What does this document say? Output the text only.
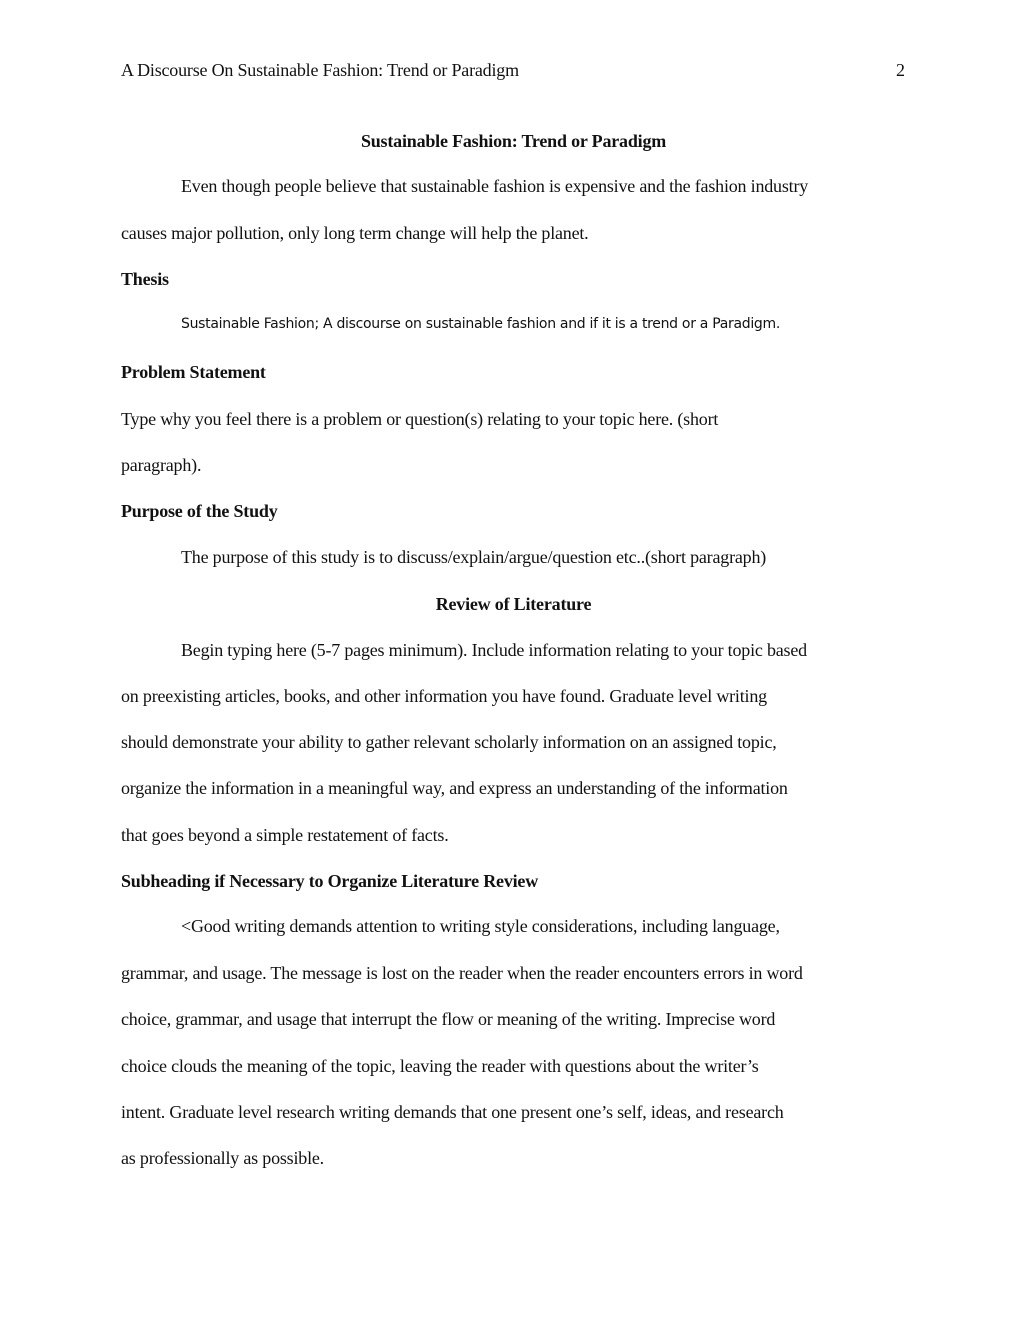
A Discourse On Sustainable Fashion: Trend or Paradigm	2
Sustainable Fashion: Trend or Paradigm
Even though people believe that sustainable fashion is expensive and the fashion industry
causes major pollution, only long term change will help the planet.
Thesis
Sustainable Fashion; A discourse on sustainable fashion and if it is a trend or a Paradigm.
Problem Statement
Type why you feel there is a problem or question(s) relating to your topic here. (short
paragraph).
Purpose of the Study
The purpose of this study is to discuss/explain/argue/question etc..(short paragraph)
Review of Literature
Begin typing here (5-7 pages minimum). Include information relating to your topic based
on preexisting articles, books, and other information you have found. Graduate level writing
should demonstrate your ability to gather relevant scholarly information on an assigned topic,
organize the information in a meaningful way, and express an understanding of the information
that goes beyond a simple restatement of facts.
Subheading if Necessary to Organize Literature Review
<Good writing demands attention to writing style considerations, including language,
grammar, and usage. The message is lost on the reader when the reader encounters errors in word
choice, grammar, and usage that interrupt the flow or meaning of the writing. Imprecise word
choice clouds the meaning of the topic, leaving the reader with questions about the writer’s
intent. Graduate level research writing demands that one present one’s self, ideas, and research
as professionally as possible.
